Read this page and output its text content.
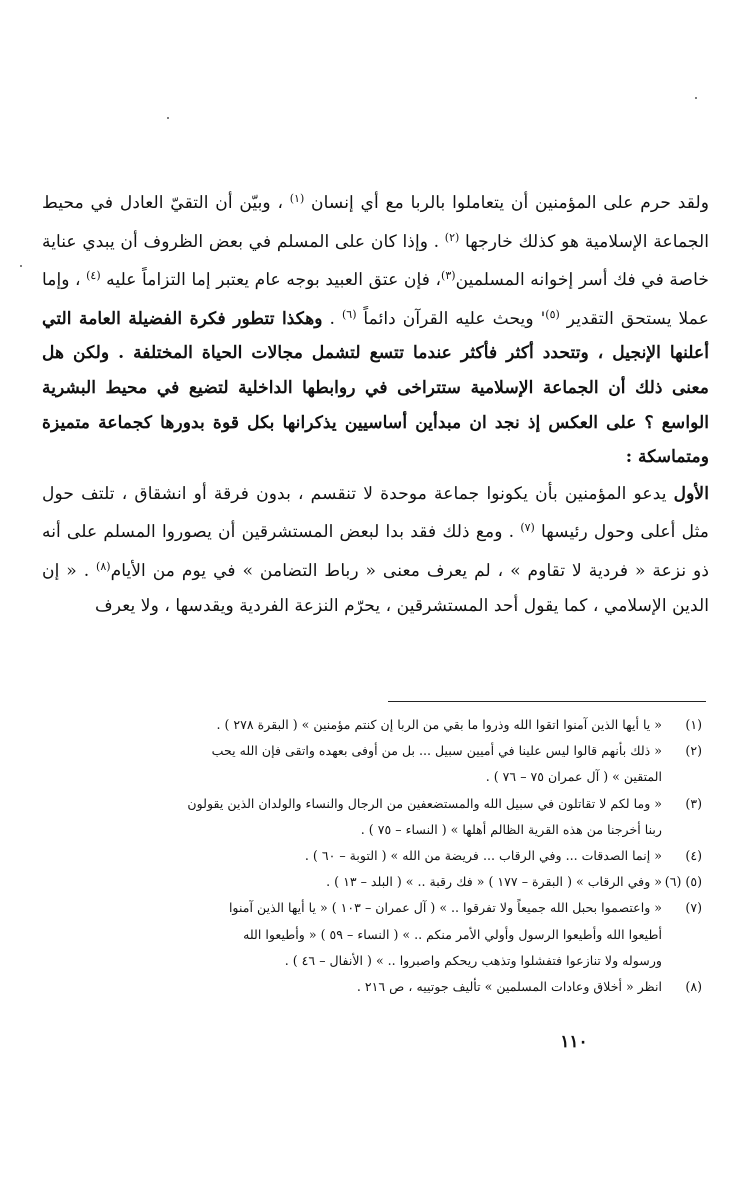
ولقد حرم على المؤمنين أن يتعاملوا بالربا مع أي إنسان $^{(١)}$ ، وبيّن أن التقيّ العادل في محيط الجماعة الإسلامية هو كذلك خارجها $^{(٢)}$ . وإذا كان على المسلم في بعض الظروف أن يبدي عناية خاصة في فك أسر إخوانه المسلمين$^{(٣)}$، فإن عتق العبيد بوجه عام يعتبر إما التزاماً عليه $^{(٤)}$ ، وإما عملا يستحق التقدير $^{(٥)}$' ويحث عليه القرآن دائماً $^{(٦)}$ . وهكذا تتطور فكرة الفضيلة العامة التي أعلنها الإنجيل ، وتتحدد أكثر فأكثر عندما تتسع لتشمل مجالات الحياة المختلفة . ولكن هل معنى ذلك أن الجماعة الإسلامية ستتراخى في روابطها الداخلية لتضيع في محيط البشرية الواسع ؟ على العكس إذ نجد ان مبدأين أساسيين يذكرانها بكل قوة بدورها كجماعة متميزة ومتماسكة :

الأول يدعو المؤمنين بأن يكونوا جماعة موحدة لا تنقسم ، بدون فرقة أو انشقاق ، تلتف حول مثل أعلى وحول رئيسها $^{(٧)}$ . ومع ذلك فقد بدا لبعض المستشرقين أن يصوروا المسلم على أنه ذو نزعة « فردية لا تقاوم » ، لم يعرف معنى « رباط التضامن » في يوم من الأيام$^{(٨)}$ . « إن الدين الإسلامي ، كما يقول أحد المستشرقين ، يحرّم النزعة الفردية ويقدسها ، ولا يعرف

(١)
« يا أيها الذين آمنوا اتقوا الله وذروا ما بقي من الربا إن كنتم مؤمنين » ( البقرة ٢٧٨ ) .
(٢)
« ذلك بأنهم قالوا ليس علينا في أميين سبيل ... بل من أوفى بعهده واتقى فإن الله يحب
المتقين » ( آل عمران ٧٥ – ٧٦ ) .
(٣)
« وما لكم لا تقاتلون في سبيل الله والمستضعفين من الرجال والنساء والولدان الذين يقولون
ربنا أخرجنا من هذه القرية الظالم أهلها » ( النساء – ٧٥ ) .
(٤)
« إنما الصدقات ... وفي الرقاب ... فريضة من الله » ( التوبة – ٦٠ ) .
(٥) (٦)
« وفي الرقاب » ( البقرة – ١٧٧ ) « فك رقبة .. » ( البلد – ١٣ ) .
(٧)
« واعتصموا بحبل الله جميعاً ولا تفرقوا .. » ( آل عمران – ١٠٣ ) « يا أيها الذين آمنوا
أطيعوا الله وأطيعوا الرسول وأولي الأمر منكم .. » ( النساء – ٥٩ ) « وأطيعوا الله
ورسوله ولا تنازعوا فتفشلوا وتذهب ريحكم واصبروا .. » ( الأنفال – ٤٦ ) .
(٨)
انظر « أخلاق وعادات المسلمين » تأليف جوتييه ، ص ٢١٦ .
١١٠
